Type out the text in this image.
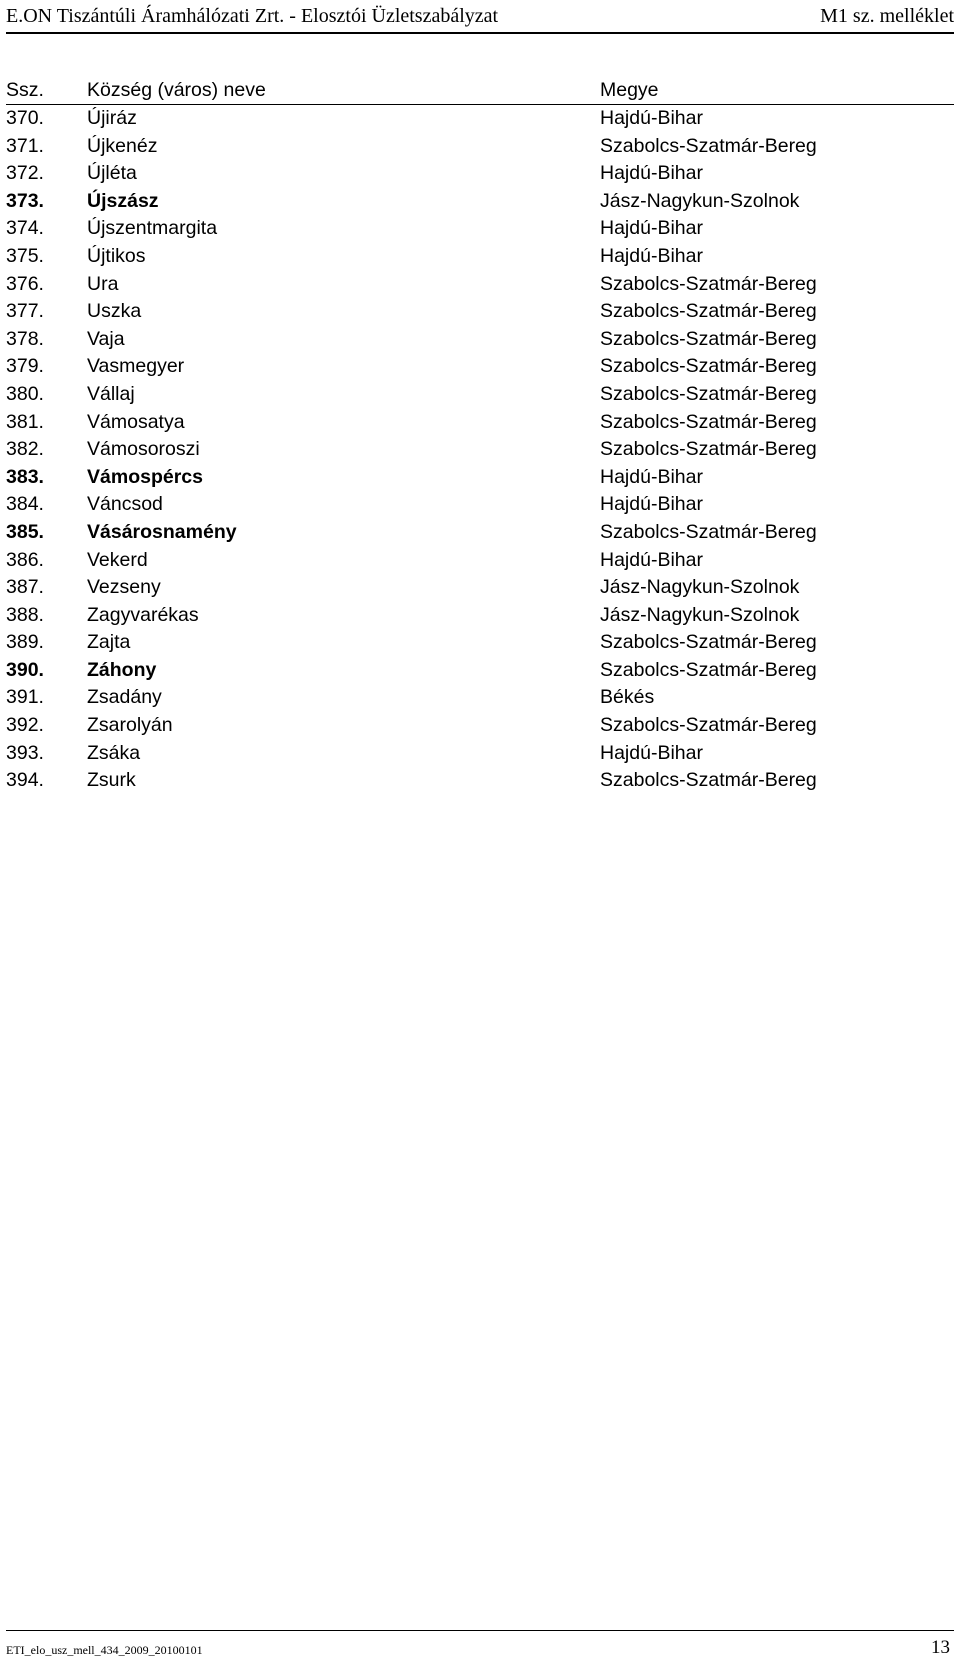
E.ON Tiszántúli Áramhálózati Zrt. - Elosztói Üzletszabályzat	M1 sz. melléklet
Ssz. Község (város) neve	Megye
370. Újiráz	Hajdú-Bihar
371. Újkenéz	Szabolcs-Szatmár-Bereg
372. Újléta	Hajdú-Bihar
373. Újszász	Jász-Nagykun-Szolnok
374. Újszentmargita	Hajdú-Bihar
375. Újtikos	Hajdú-Bihar
376. Ura	Szabolcs-Szatmár-Bereg
377. Uszka	Szabolcs-Szatmár-Bereg
378. Vaja	Szabolcs-Szatmár-Bereg
379. Vasmegyer	Szabolcs-Szatmár-Bereg
380. Vállaj	Szabolcs-Szatmár-Bereg
381. Vámosatya	Szabolcs-Szatmár-Bereg
382. Vámosoroszi	Szabolcs-Szatmár-Bereg
383. Vámospércs	Hajdú-Bihar
384. Váncsod	Hajdú-Bihar
385. Vásárosnamény	Szabolcs-Szatmár-Bereg
386. Vekerd	Hajdú-Bihar
387. Vezseny	Jász-Nagykun-Szolnok
388. Zagyvarékas	Jász-Nagykun-Szolnok
389. Zajta	Szabolcs-Szatmár-Bereg
390. Záhony	Szabolcs-Szatmár-Bereg
391. Zsadány	Békés
392. Zsarolyán	Szabolcs-Szatmár-Bereg
393. Zsáka	Hajdú-Bihar
394. Zsurk	Szabolcs-Szatmár-Bereg
ETI_elo_usz_mell_434_2009_20100101	13
